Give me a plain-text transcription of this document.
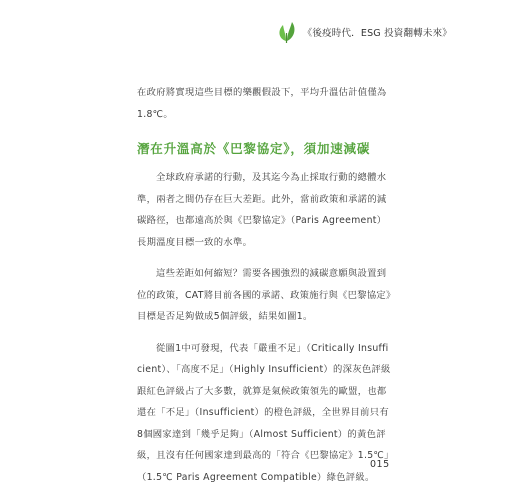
《後疫時代．ESG 投資翻轉未來》

在政府將實現這些目標的樂觀假設下，平均升溫估計值僅為1.8℃。

潛在升溫高於《巴黎協定》，須加速減碳

全球政府承諾的行動，及其迄今為止採取行動的總體水準，兩者之間仍存在巨大差距。此外，當前政策和承諾的減碳路徑，也都遠高於與《巴黎協定》（Paris Agreement）長期溫度目標一致的水準。

這些差距如何縮短？需要各國強烈的減碳意願與設置到位的政策，CAT將目前各國的承諾、政策施行與《巴黎協定》目標是否足夠做成5個評級，結果如圖1。

從圖1中可發現，代表「嚴重不足」（Critically Insufficient）、「高度不足」（Highly Insufficient）的深灰色評級跟紅色評級占了大多數，就算是氣候政策領先的歐盟，也都還在「不足」（Insufficient）的橙色評級，全世界目前只有8個國家達到「幾乎足夠」（Almost Sufficient）的黃色評級，且沒有任何國家達到最高的「符合《巴黎協定》1.5℃」（1.5℃ Paris Agreement Compatible）綠色評級。

015
